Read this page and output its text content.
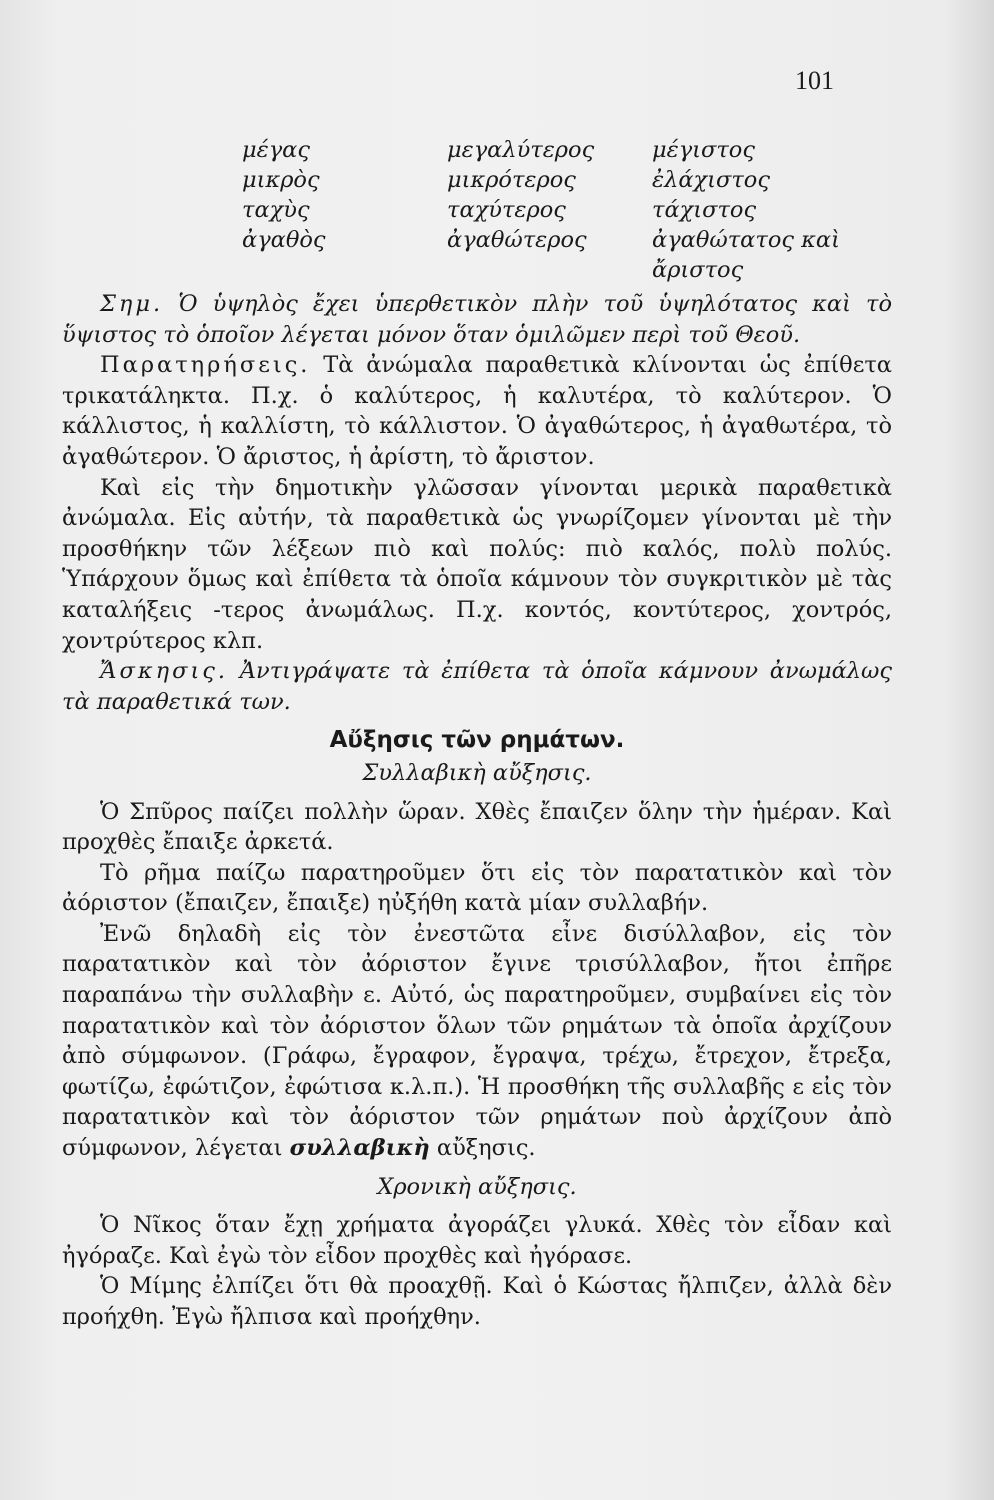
101
μέγας	μεγαλύτερος	μέγιστος
μικρὸς	μικρότερος	ἐλάχιστος
ταχὺς	ταχύτερος	τάχιστος
ἀγαθὸς	ἀγαθώτερος	ἀγαθώτατος καὶ
		ἄριστος

Σημ. Ὁ ὑψηλὸς ἔχει ὑπερθετικὸν πλὴν τοῦ ὑψηλότατος καὶ τὸ ὕψιστος τὸ ὁποῖον λέγεται μόνον ὅταν ὁμιλῶμεν περὶ τοῦ Θεοῦ.

Παρατηρήσεις. Τὰ ἀνώμαλα παραθετικὰ κλίνονται ὡς ἐπίθετα τρικατάληκτα. Π.χ. ὁ καλύτερος, ἡ καλυτέρα, τὸ καλύτερον. Ὁ κάλλιστος, ἡ καλλίστη, τὸ κάλλιστον. Ὁ ἀγαθώτερος, ἡ ἀγαθωτέρα, τὸ ἀγαθώτερον. Ὁ ἄριστος, ἡ ἀρίστη, τὸ ἄριστον.

Καὶ εἰς τὴν δημοτικὴν γλῶσσαν γίνονται μερικὰ παραθετικὰ ἀνώμαλα. Εἰς αὐτήν, τὰ παραθετικὰ ὡς γνωρίζομεν γίνονται μὲ τὴν προσθήκην τῶν λέξεων πιὸ καὶ πολύς: πιὸ καλός, πολὺ πολύς. Ὑπάρχουν ὅμως καὶ ἐπίθετα τὰ ὁποῖα κάμνουν τὸν συγκριτικὸν μὲ τὰς καταλήξεις -τερος ἀνωμάλως. Π.χ. κοντός, κοντύτερος, χοντρός, χοντρύτερος κλπ.

Ἄσκησις. Ἀντιγράψατε τὰ ἐπίθετα τὰ ὁποῖα κάμνουν ἀνωμάλως τὰ παραθετικά των.

Αὔξησις τῶν ρημάτων.
Συλλαβικὴ αὔξησις.

Ὁ Σπῦρος παίζει πολλὴν ὥραν. Χθὲς ἔπαιζεν ὅλην τὴν ἡμέραν. Καὶ προχθὲς ἔπαιξε ἀρκετά.

Τὸ ρῆμα παίζω παρατηροῦμεν ὅτι εἰς τὸν παρατατικὸν καὶ τὸν ἀόριστον (ἔπαιζεν, ἔπαιξε) ηὐξήθη κατὰ μίαν συλλαβήν.

Ἐνῶ δηλαδὴ εἰς τὸν ἐνεστῶτα εἶνε δισύλλαβον, εἰς τὸν παρατατικὸν καὶ τὸν ἀόριστον ἔγινε τρισύλλαβον, ἤτοι ἐπῆρε παραπάνω τὴν συλλαβὴν ε. Αὐτό, ὡς παρατηροῦμεν, συμβαίνει εἰς τὸν παρατατικὸν καὶ τὸν ἀόριστον ὅλων τῶν ρημάτων τὰ ὁποῖα ἀρχίζουν ἀπὸ σύμφωνον. (Γράφω, ἔγραφον, ἔγραψα, τρέχω, ἔτρεχον, ἔτρεξα, φωτίζω, ἐφώτιζον, ἐφώτισα κ.λ.π.). Ἡ προσθήκη τῆς συλλαβῆς ε εἰς τὸν παρατατικὸν καὶ τὸν ἀόριστον τῶν ρημάτων ποὺ ἀρχίζουν ἀπὸ σύμφωνον, λέγεται συλλαβικὴ αὔξησις.

Χρονικὴ αὔξησις.

Ὁ Νῖκος ὅταν ἔχῃ χρήματα ἀγοράζει γλυκά. Χθὲς τὸν εἶδαν καὶ ἠγόραζε. Καὶ ἐγὼ τὸν εἶδον προχθὲς καὶ ἠγόρασε.

Ὁ Μίμης ἐλπίζει ὅτι θὰ προαχθῇ. Καὶ ὁ Κώστας ἤλπιζεν, ἀλλὰ δὲν προήχθη. Ἐγὼ ἤλπισα καὶ προήχθην.
